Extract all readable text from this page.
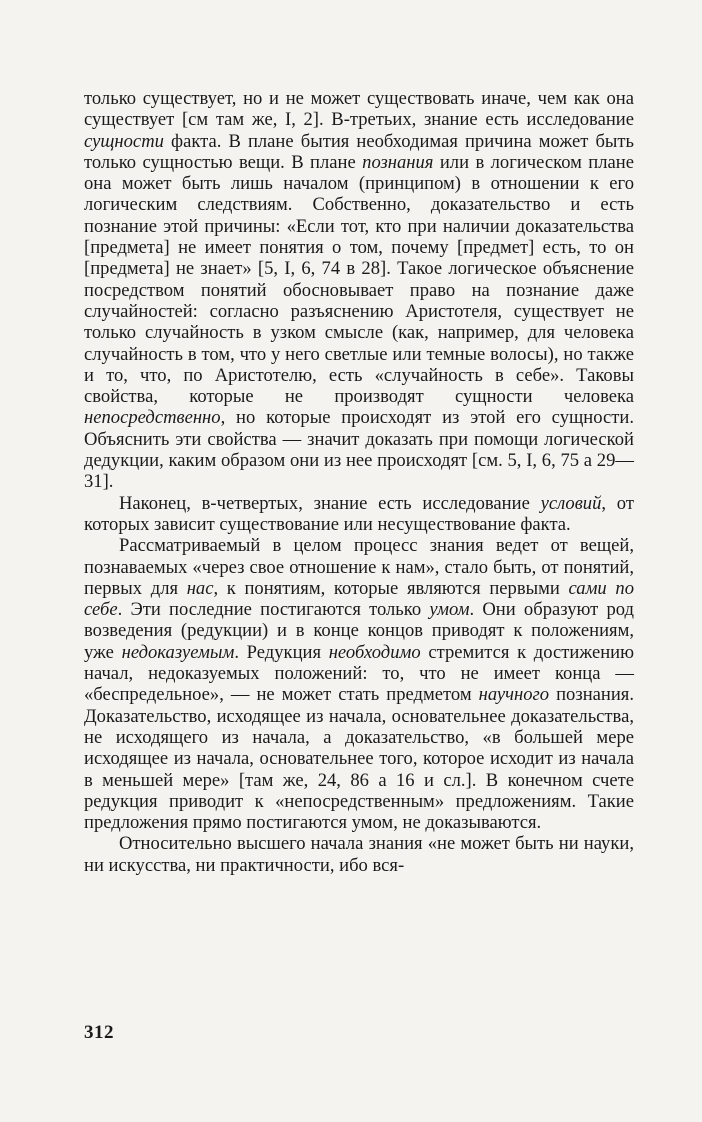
только существует, но и не может существовать иначе, чем как она существует [см там же, I, 2]. В-третьих, знание есть исследование сущности факта. В плане бытия необходимая причина может быть только сущностью вещи. В плане познания или в логическом плане она может быть лишь началом (принципом) в отношении к его логическим следствиям. Собственно, доказательство и есть познание этой причины: «Если тот, кто при наличии доказательства [предмета] не имеет понятия о том, почему [предмет] есть, то он [предмета] не знает» [5, I, 6, 74 в 28]. Такое логическое объяснение посредством понятий обосновывает право на познание даже случайностей: согласно разъяснению Аристотеля, существует не только случайность в узком смысле (как, например, для человека случайность в том, что у него светлые или темные волосы), но также и то, что, по Аристотелю, есть «случайность в себе». Таковы свойства, которые не производят сущности человека непосредственно, но которые происходят из этой его сущности. Объяснить эти свойства — значит доказать при помощи логической дедукции, каким образом они из нее происходят [см. 5, I, 6, 75 а 29—31].

Наконец, в-четвертых, знание есть исследование условий, от которых зависит существование или несуществование факта.

Рассматриваемый в целом процесс знания ведет от вещей, познаваемых «через свое отношение к нам», стало быть, от понятий, первых для нас, к понятиям, которые являются первыми сами по себе. Эти последние постигаются только умом. Они образуют род возведения (редукции) и в конце концов приводят к положениям, уже недоказуемым. Редукция необходимо стремится к достижению начал, недоказуемых положений: то, что не имеет конца — «беспредельное», — не может стать предметом научного познания. Доказательство, исходящее из начала, основательнее доказательства, не исходящего из начала, а доказательство, «в большей мере исходящее из начала, основательнее того, которое исходит из начала в меньшей мере» [там же, 24, 86 а 16 и сл.]. В конечном счете редукция приводит к «непосредственным» предложениям. Такие предложения прямо постигаются умом, не доказываются.

Относительно высшего начала знания «не может быть ни науки, ни искусства, ни практичности, ибо вся-

312
